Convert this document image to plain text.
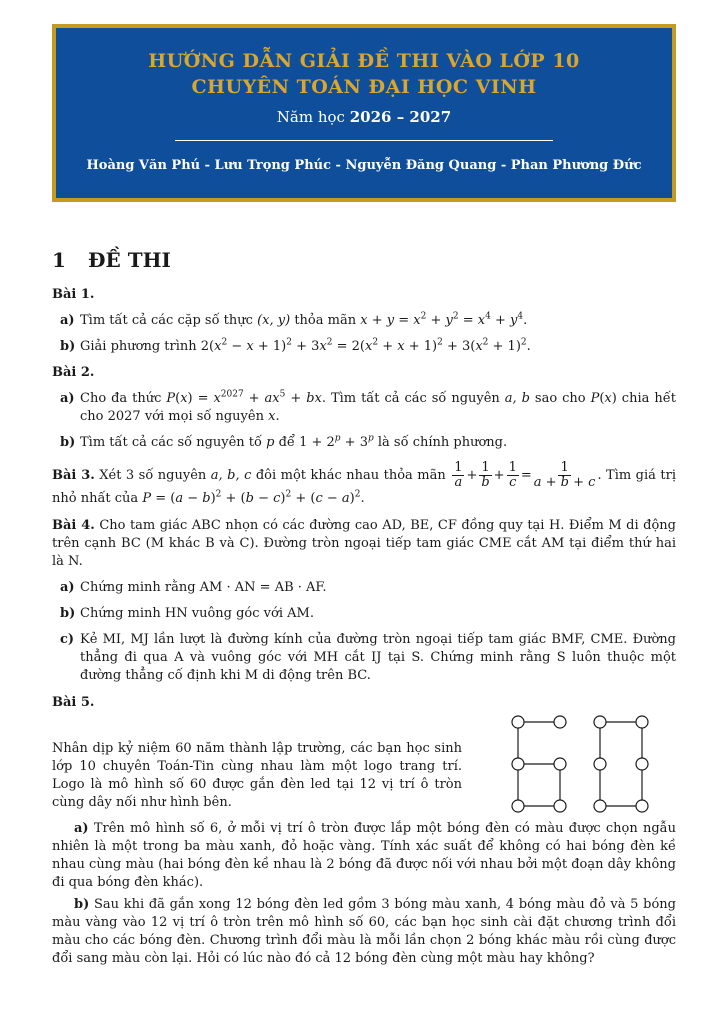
HƯỚNG DẪN GIẢI ĐỀ THI VÀO LỚP 10
CHUYÊN TOÁN ĐẠI HỌC VINH
Năm học 2026 – 2027
Hoàng Văn Phú - Lưu Trọng Phúc - Nguyễn Đăng Quang - Phan Phương Đức
1 ĐỀ THI

Bài 1.

a) Tìm tất cả các cặp số thực (x, y) thỏa mãn $x + y = x^2 + y^2 = x^4 + y^4$.
b) Giải phương trình $2(x^2 - x + 1)^2 + 3x^2 = 2(x^2 + x + 1)^2 + 3(x^2 + 1)^2$.

Bài 2.

a) Cho đa thức $P(x) = x^{2027} + ax^5$ + bx. Tìm tất cả các số nguyên a, b sao cho P(x) chia hết cho 2027 với mọi số nguyên x.
b) Tìm tất cả các số nguyên tố p để $1 + 2^p + 3^p$ là số chính phương.

Bài 3. Xét 3 số nguyên a, b, c đôi một khác nhau thỏa mãn $\frac{1}{a} + \frac{1}{b} + \frac{1}{c} = \frac{1}{a + b + c}$ . Tìm giá trị nhỏ nhất của $P = (a - b)^2 + (b - c)^2 + (c - a)^2$.

Bài 4. Cho tam giác ABC nhọn có các đường cao AD, BE, CF đồng quy tại H. Điểm M di động trên cạnh BC (M khác B và C). Đường tròn ngoại tiếp tam giác CME cắt AM tại điểm thứ hai là N.

a) Chứng minh rằng AM · AN = AB · AF.
b) Chứng minh HN vuông góc với AM.
c) Kẻ MI, MJ lần lượt là đường kính của đường tròn ngoại tiếp tam giác BMF, CME. Đường thẳng đi qua A và vuông góc với MH cắt IJ tại S. Chứng minh rằng S luôn thuộc một đường thẳng cố định khi M di động trên BC.

Bài 5.

Nhân dịp kỷ niệm 60 năm thành lập trường, các bạn học sinh lớp 10 chuyên Toán-Tin cùng nhau làm một logo trang trí. Logo là mô hình số 60 được gắn đèn led tại 12 vị trí ô tròn cùng dây nối như hình bên.

a) Trên mô hình số 6, ở mỗi vị trí ô tròn được lắp một bóng đèn có màu được chọn ngẫu nhiên là một trong ba màu xanh, đỏ hoặc vàng. Tính xác suất để không có hai bóng đèn kề nhau cùng màu (hai bóng đèn kề nhau là 2 bóng đã được nối với nhau bởi một đoạn dây không đi qua bóng đèn khác).

b) Sau khi đã gắn xong 12 bóng đèn led gồm 3 bóng màu xanh, 4 bóng màu đỏ và 5 bóng màu vàng vào 12 vị trí ô tròn trên mô hình số 60, các bạn học sinh cài đặt chương trình đổi màu cho các bóng đèn. Chương trình đổi màu là mỗi lần chọn 2 bóng khác màu rồi cùng được đổi sang màu còn lại. Hỏi có lúc nào đó cả 12 bóng đèn cùng một màu hay không?
